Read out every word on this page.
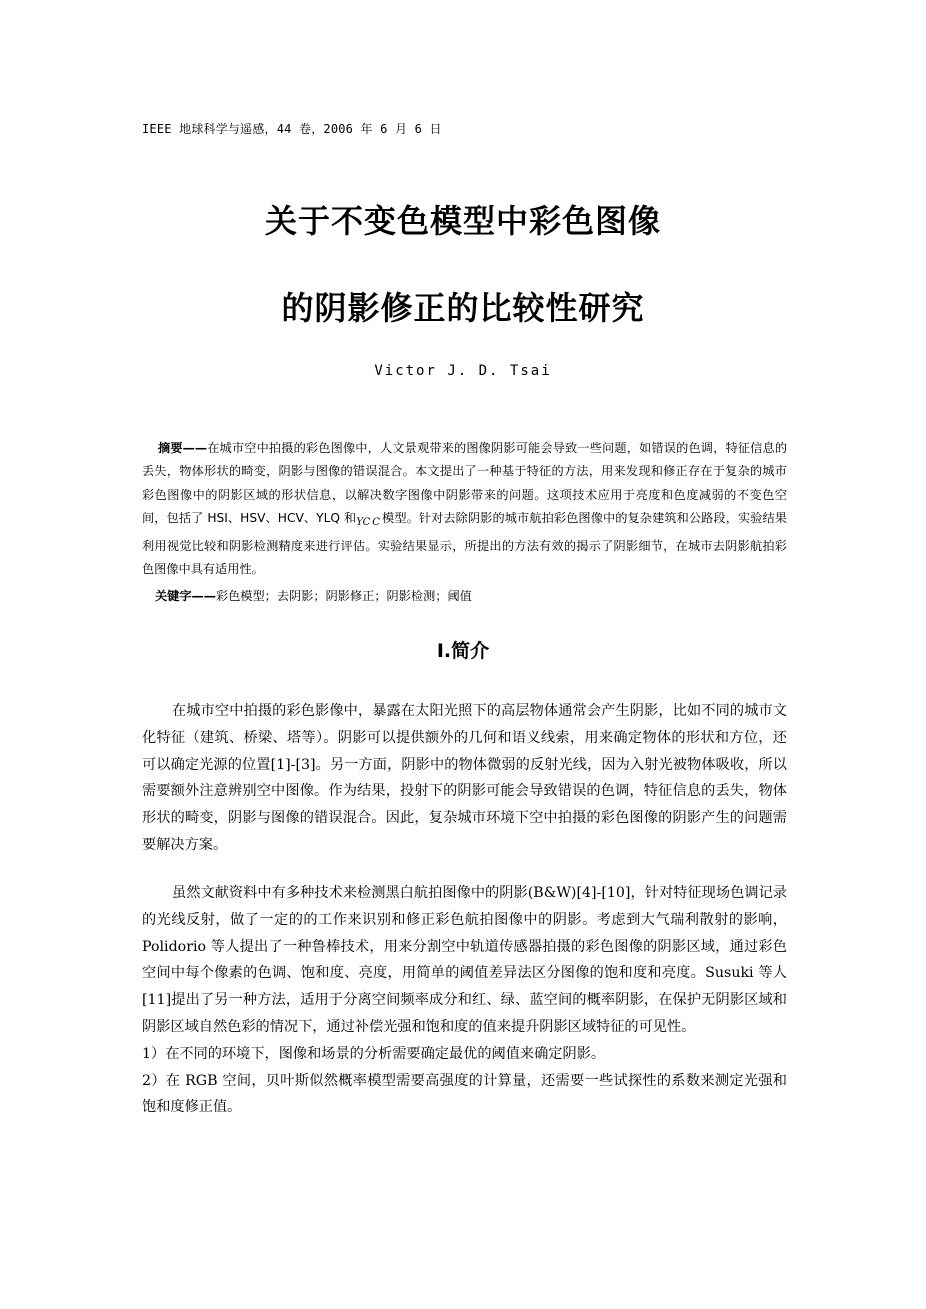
IEEE 地球科学与遥感，44 卷，2006 年 6 月 6 日
关于不变色模型中彩色图像
的阴影修正的比较性研究
Victor J. D. Tsai
摘要——在城市空中拍摄的彩色图像中，人文景观带来的图像阴影可能会导致一些问题，如错误的色调，特征信息的丢失，物体形状的畸变，阴影与图像的错误混合。本文提出了一种基于特征的方法，用来发现和修正存在于复杂的城市彩色图像中的阴影区域的形状信息，以解决数字图像中阴影带来的问题。这项技术应用于亮度和色度减弱的不变色空间，包括了 HSI、HSV、HCV、YLQ 和$_{YC C}$ 模型。针对去除阴影的城市航拍彩色图像中的复杂建筑和公路段，实验结果利用视觉比较和阴影检测精度来进行评估。实验结果显示，所提出的方法有效的揭示了阴影细节，在城市去阴影航拍彩色图像中具有适用性。
关键字——彩色模型；去阴影；阴影修正；阴影检测；阈值
I.简介

在城市空中拍摄的彩色影像中，暴露在太阳光照下的高层物体通常会产生阴影，比如不同的城市文化特征（建筑、桥梁、塔等）。阴影可以提供额外的几何和语义线索，用来确定物体的形状和方位，还可以确定光源的位置[1]-[3]。另一方面，阴影中的物体微弱的反射光线，因为入射光被物体吸收，所以需要额外注意辨别空中图像。作为结果，投射下的阴影可能会导致错误的色调，特征信息的丢失，物体形状的畸变，阴影与图像的错误混合。因此，复杂城市环境下空中拍摄的彩色图像的阴影产生的问题需要解决方案。

虽然文献资料中有多种技术来检测黑白航拍图像中的阴影(B&W)[4]-[10]，针对特征现场色调记录的光线反射，做了一定的的工作来识别和修正彩色航拍图像中的阴影。考虑到大气瑞利散射的影响，Polidorio 等人提出了一种鲁棒技术，用来分割空中轨道传感器拍摄的彩色图像的阴影区域，通过彩色空间中每个像素的色调、饱和度、亮度，用简单的阈值差异法区分图像的饱和度和亮度。Susuki 等人[11]提出了另一种方法，适用于分离空间频率成分和红、绿、蓝空间的概率阴影，在保护无阴影区域和阴影区域自然色彩的情况下，通过补偿光强和饱和度的值来提升阴影区域特征的可见性。

1）在不同的环境下，图像和场景的分析需要确定最优的阈值来确定阴影。

2）在 RGB 空间，贝叶斯似然概率模型需要高强度的计算量，还需要一些试探性的系数来测定光强和饱和度修正值。
